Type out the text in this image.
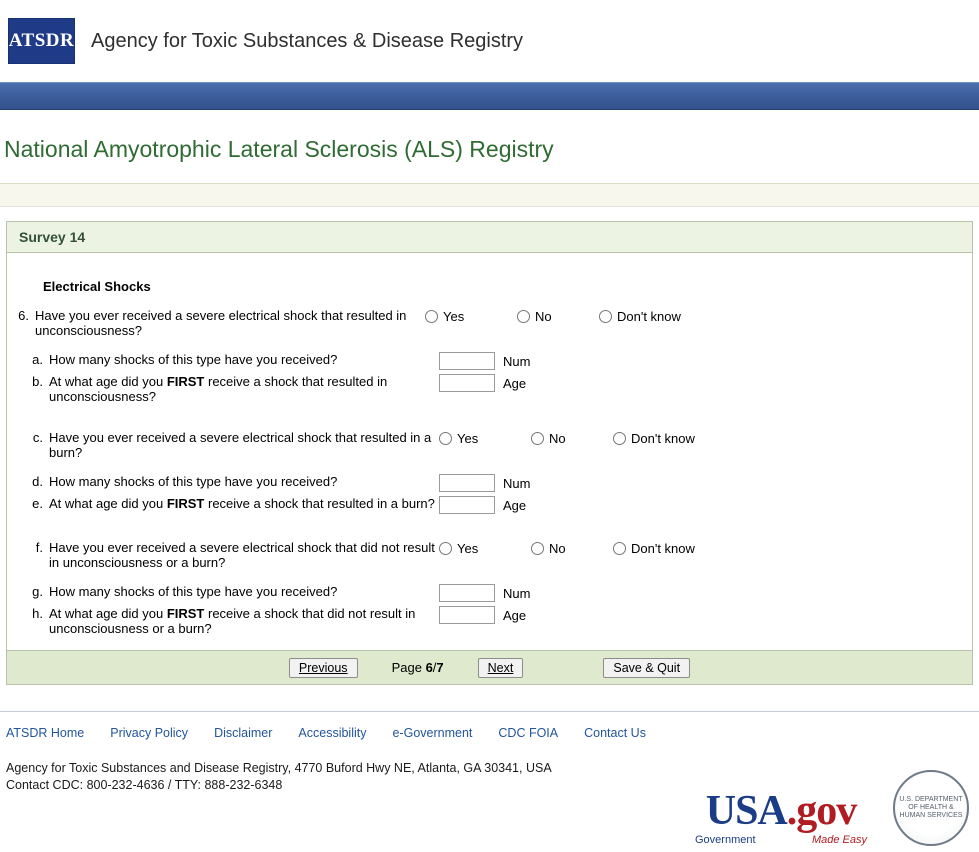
ATSDR Agency for Toxic Substances & Disease Registry
National Amyotrophic Lateral Sclerosis (ALS) Registry
Survey 14
Electrical Shocks
6. Have you ever received a severe electrical shock that resulted in unconsciousness?
Yes	No	Don't know
a. How many shocks of this type have you received?	Num
b. At what age did you FIRST receive a shock that resulted in unconsciousness?
Age
c. Have you ever received a severe electrical shock that resulted in a burn?
Yes	No	Don't know
d. How many shocks of this type have you received?	Num
e. At what age did you FIRST receive a shock that resulted in a burn?	Age
f. Have you ever received a severe electrical shock that did not result in unconsciousness or a burn?
Yes	No	Don't know
g. How many shocks of this type have you received?	Num
h. At what age did you FIRST receive a shock that did not result in unconsciousness or a burn?
Age
Previous	Page 6/7	Next	Save & Quit
ATSDR Home Privacy Policy Disclaimer Accessibility e-Government CDC FOIA Contact Us
Agency for Toxic Substances and Disease Registry, 4770 Buford Hwy NE, Atlanta, GA 30341, USA
Contact CDC: 800-232-4636 / TTY: 888-232-6348
USA.gov
Government	Made Easy
U.S. DEPARTMENT OF HEALTH & HUMAN SERVICES
